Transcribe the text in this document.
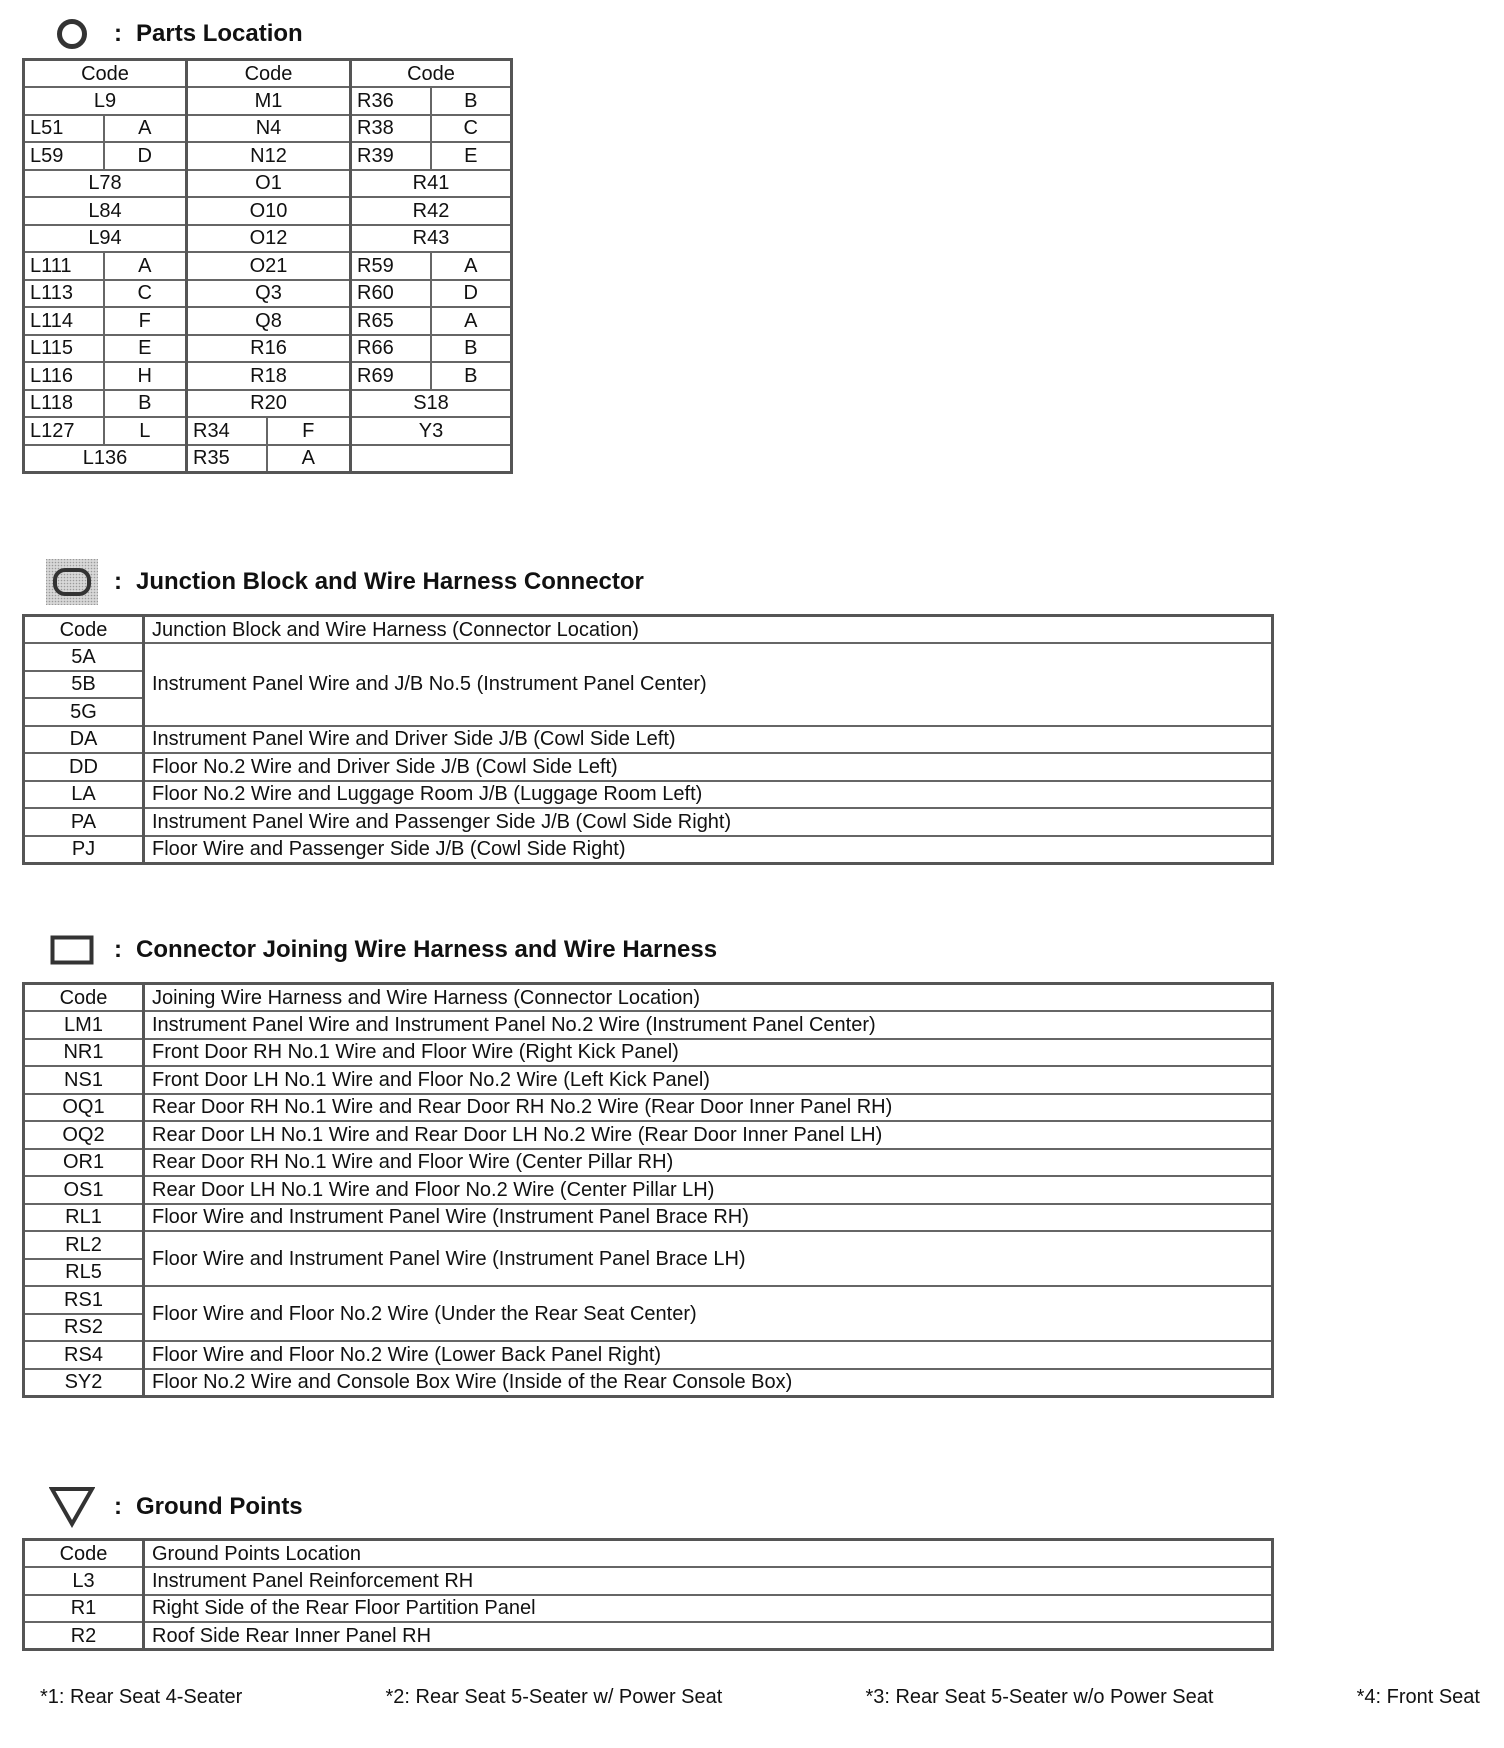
: Parts Location
Code		Code		Code	
L9		M1		R36	B
L51	A	N4		R38	C
L59	D	N12		R39	E
L78		O1		R41	
L84		O10		R42	
L94		O12		R43	
L111	A	O21		R59	A
L113	C	Q3		R60	D
L114	F	Q8		R65	A
L115	E	R16		R66	B
L116	H	R18		R69	B
L118	B	R20		S18	
L127	L	R34	F	Y3	
L136		R35	A		
: Junction Block and Wire Harness Connector
Code	Junction Block and Wire Harness (Connector Location)
5A	Instrument Panel Wire and J/B No.5 (Instrument Panel Center)
5B	
5G	
DA	Instrument Panel Wire and Driver Side J/B (Cowl Side Left)
DD	Floor No.2 Wire and Driver Side J/B (Cowl Side Left)
LA	Floor No.2 Wire and Luggage Room J/B (Luggage Room Left)
PA	Instrument Panel Wire and Passenger Side J/B (Cowl Side Right)
PJ	Floor Wire and Passenger Side J/B (Cowl Side Right)
: Connector Joining Wire Harness and Wire Harness
Code	Joining Wire Harness and Wire Harness (Connector Location)
LM1	Instrument Panel Wire and Instrument Panel No.2 Wire (Instrument Panel Center)
NR1	Front Door RH No.1 Wire and Floor Wire (Right Kick Panel)
NS1	Front Door LH No.1 Wire and Floor No.2 Wire (Left Kick Panel)
OQ1	Rear Door RH No.1 Wire and Rear Door RH No.2 Wire (Rear Door Inner Panel RH)
OQ2	Rear Door LH No.1 Wire and Rear Door LH No.2 Wire (Rear Door Inner Panel LH)
OR1	Rear Door RH No.1 Wire and Floor Wire (Center Pillar RH)
OS1	Rear Door LH No.1 Wire and Floor No.2 Wire (Center Pillar LH)
RL1	Floor Wire and Instrument Panel Wire (Instrument Panel Brace RH)
RL2	Floor Wire and Instrument Panel Wire (Instrument Panel Brace LH)
RL5	
RS1	Floor Wire and Floor No.2 Wire (Under the Rear Seat Center)
RS2	
RS4	Floor Wire and Floor No.2 Wire (Lower Back Panel Right)
SY2	Floor No.2 Wire and Console Box Wire (Inside of the Rear Console Box)
: Ground Points
Code	Ground Points Location
L3	Instrument Panel Reinforcement RH
R1	Right Side of the Rear Floor Partition Panel
R2	Roof Side Rear Inner Panel RH
*1: Rear Seat 4-Seater	*2: Rear Seat 5-Seater w/ Power Seat	*3: Rear Seat 5-Seater w/o Power Seat	*4: Front Seat
